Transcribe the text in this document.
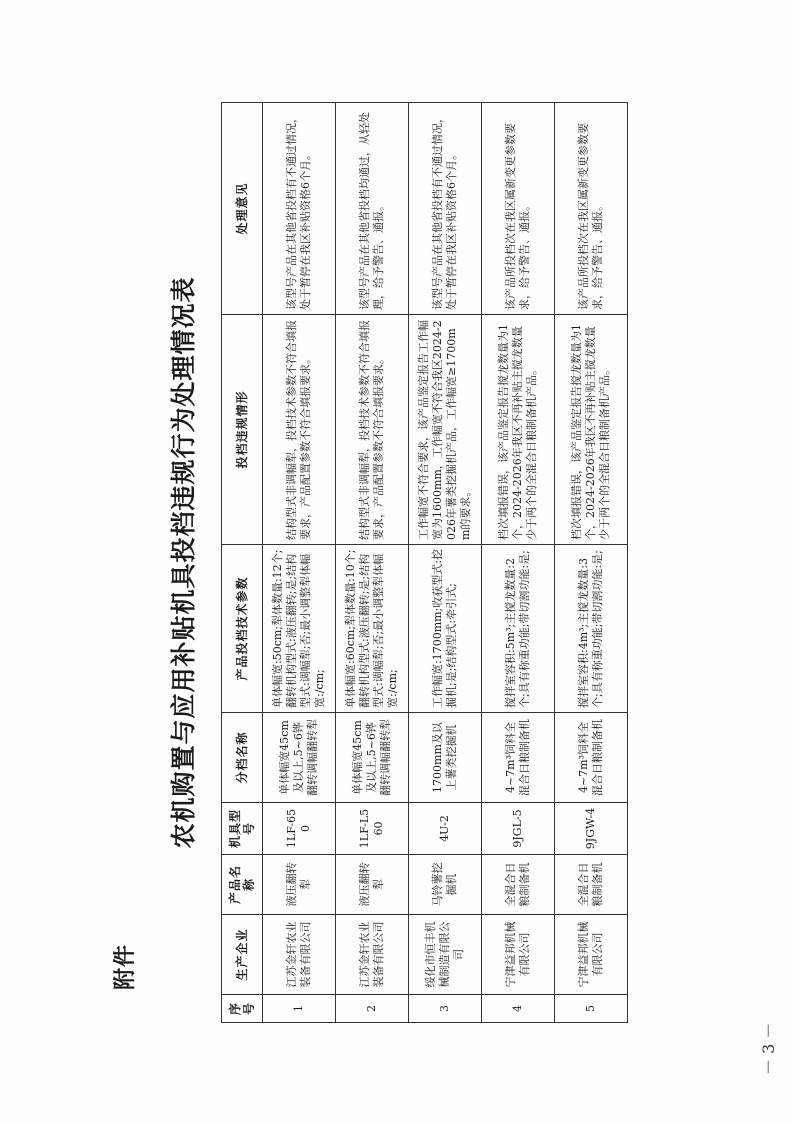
附件
－ 3 －
农机购置与应用补贴机具投档违规行为处理情况表
序号	生产企业	产品名称	机具型号	分档名称	产品投档技术参数	投档违规情形	处理意见
1	江苏金轩农业装备有限公司	液压翻转犁	1LF-650	单体幅宽45cm及以上,5~6铧翻转调幅翻转犁	单体幅宽:50cm;犁体数量:12个;翻转机构型式:液压翻转;是;结构型式:调幅犁;否;最小调整犁体幅宽:/cm;	结构型式非调幅犁，投档技术参数不符合填报要求，产品配置参数不符合填报要求。	该型号产品在其他省投档有不通过情况，处于暂停在我区补贴资格6个月。
2	江苏金轩农业装备有限公司	液压翻转犁	1LF-L560	单体幅宽45cm及以上,5~6铧翻转调幅翻转犁	单体幅宽:60cm;犁体数量:10个;翻转机构型式:液压翻转;是;结构型式:调幅犁;否;最小调整犁体幅宽:/cm;	结构型式非调幅犁，投档技术参数不符合填报要求，产品配置参数不符合填报要求。	该型号产品在其他省投档均通过，从轻处理，给予警告、通报。
3	绥化市恒丰机械制造有限公司	马铃薯挖掘机	4U-2	1700mm及以上薯类挖掘机	工作幅宽:1700mm;收获型式:挖掘机;是;结构型式:牵引式;	工作幅宽不符合要求，该产品鉴定报告工作幅宽为1600mm，工作幅宽不符合我区2024-2026年薯类挖掘机产品，工作幅宽≥1700mm的要求。	该型号产品在其他省投档有不通过情况，处于暂停在我区补贴资格6个月。
4	宁津益邦机械有限公司	全混合日粮制备机	9JGL-5	4~7m³饲料全混合日粮制备机	搅拌室容积:5m³;主搅龙数量:2个;具有称重功能;带切割功能:是;	档次填报错误，该产品鉴定报告搅龙数量为1个，2024-2026年我区不再补贴主搅龙数量少于两个的全混合日粮制备机产品。	该产品所投档次在我区属新变更参数要求，给予警告、通报。
5	宁津益邦机械有限公司	全混合日粮制备机	9JGW-4	4~7m³饲料全混合日粮制备机	搅拌室容积:4m³;主搅龙数量:3个;具有称重功能;带切割功能:是;	档次填报错误，该产品鉴定报告搅龙数量为1个，2024-2026年我区不再补贴主搅龙数量少于两个的全混合日粮制备机产品。	该产品所投档次在我区属新变更参数要求，给予警告、通报。
